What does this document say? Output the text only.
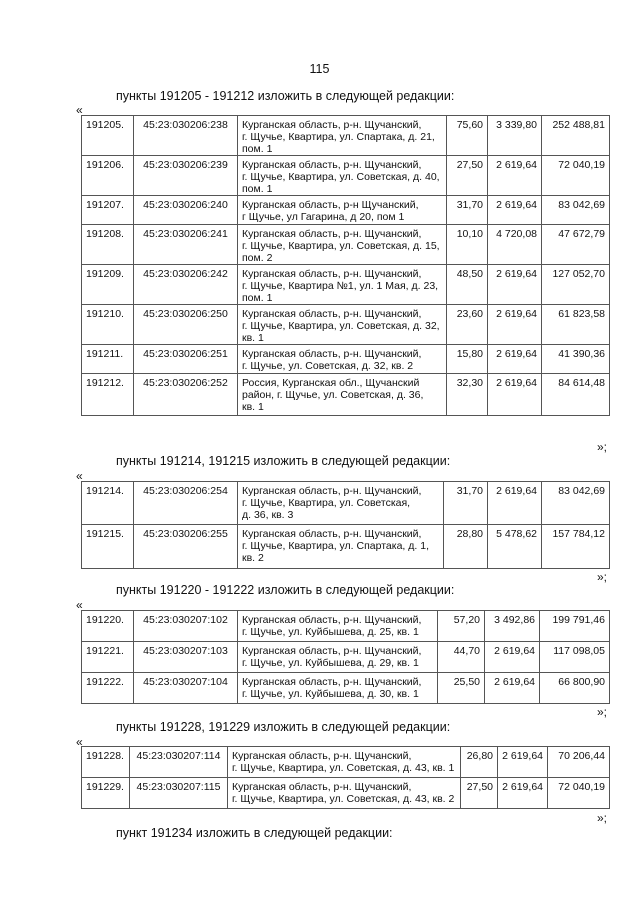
115
пункты 191205 - 191212 изложить в следующей редакции:
«
191205.	45:23:030206:238	Курганская область, р-н. Щучанский,
г. Щучье, Квартира, ул. Спартака, д. 21,
пом. 1	75,60	3 339,80	252 488,81
191206.	45:23:030206:239	Курганская область, р-н. Щучанский,
г. Щучье, Квартира, ул. Советская, д. 40,
пом. 1	27,50	2 619,64	72 040,19
191207.	45:23:030206:240	Курганская область, р-н Щучанский,
г Щучье, ул Гагарина, д 20, пом 1	31,70	2 619,64	83 042,69
191208.	45:23:030206:241	Курганская область, р-н. Щучанский,
г. Щучье, Квартира, ул. Советская, д. 15,
пом. 2	10,10	4 720,08	47 672,79
191209.	45:23:030206:242	Курганская область, р-н. Щучанский,
г. Щучье, Квартира №1, ул. 1 Мая, д. 23,
пом. 1	48,50	2 619,64	127 052,70
191210.	45:23:030206:250	Курганская область, р-н. Щучанский,
г. Щучье, Квартира, ул. Советская, д. 32,
кв. 1	23,60	2 619,64	61 823,58
191211.	45:23:030206:251	Курганская область, р-н. Щучанский,
г. Щучье, ул. Советская, д. 32, кв. 2	15,80	2 619,64	41 390,36
191212.	45:23:030206:252	Россия, Курганская обл., Щучанский
район, г. Щучье, ул. Советская, д. 36,
кв. 1	32,30	2 619,64	84 614,48
»;
пункты 191214, 191215 изложить в следующей редакции:
«
191214.	45:23:030206:254	Курганская область, р-н. Щучанский,
г. Щучье, Квартира, ул. Советская,
д. 36, кв. 3	31,70	2 619,64	83 042,69
191215.	45:23:030206:255	Курганская область, р-н. Щучанский,
г. Щучье, Квартира, ул. Спартака, д. 1,
кв. 2	28,80	5 478,62	157 784,12
»;
пункты 191220 - 191222 изложить в следующей редакции:
«
191220.	45:23:030207:102	Курганская область, р-н. Щучанский,
г. Щучье, ул. Куйбышева, д. 25, кв. 1	57,20	3 492,86	199 791,46
191221.	45:23:030207:103	Курганская область, р-н. Щучанский,
г. Щучье, ул. Куйбышева, д. 29, кв. 1	44,70	2 619,64	117 098,05
191222.	45:23:030207:104	Курганская область, р-н. Щучанский,
г. Щучье, ул. Куйбышева, д. 30, кв. 1	25,50	2 619,64	66 800,90
»;
пункты 191228, 191229 изложить в следующей редакции:
«
191228.	45:23:030207:114	Курганская область, р-н. Щучанский,
г. Щучье, Квартира, ул. Советская, д. 43, кв. 1	26,80	2 619,64	70 206,44
191229.	45:23:030207:115	Курганская область, р-н. Щучанский,
г. Щучье, Квартира, ул. Советская, д. 43, кв. 2	27,50	2 619,64	72 040,19
»;
пункт 191234 изложить в следующей редакции:
